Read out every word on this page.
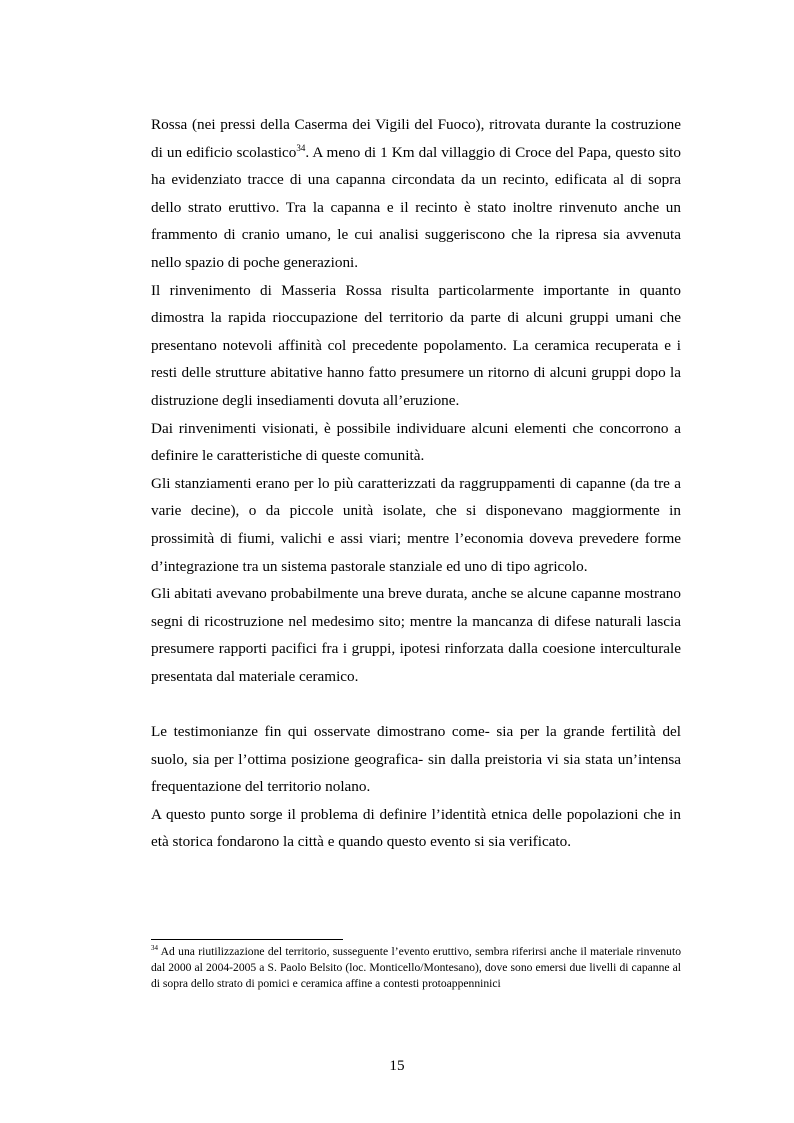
Rossa (nei pressi della Caserma dei Vigili del Fuoco), ritrovata durante la costruzione di un edificio scolastico$^{34}$. A meno di 1 Km dal villaggio di Croce del Papa, questo sito ha evidenziato tracce di una capanna circondata da un recinto, edificata al di sopra dello strato eruttivo. Tra la capanna e il recinto è stato inoltre rinvenuto anche un frammento di cranio umano, le cui analisi suggeriscono che la ripresa sia avvenuta nello spazio di poche generazioni.

Il rinvenimento di Masseria Rossa risulta particolarmente importante in quanto dimostra la rapida rioccupazione del territorio da parte di alcuni gruppi umani che presentano notevoli affinità col precedente popolamento. La ceramica recuperata e i resti delle strutture abitative hanno fatto presumere un ritorno di alcuni gruppi dopo la distruzione degli insediamenti dovuta all’eruzione.

Dai rinvenimenti visionati, è possibile individuare alcuni elementi che concorrono a definire le caratteristiche di queste comunità.

Gli stanziamenti erano per lo più caratterizzati da raggruppamenti di capanne (da tre a varie decine), o da piccole unità isolate, che si disponevano maggiormente in prossimità di fiumi, valichi e assi viari; mentre l’economia doveva prevedere forme d’integrazione tra un sistema pastorale stanziale ed uno di tipo agricolo.

Gli abitati avevano probabilmente una breve durata, anche se alcune capanne mostrano segni di ricostruzione nel medesimo sito; mentre la mancanza di difese naturali lascia presumere rapporti pacifici fra i gruppi, ipotesi rinforzata dalla coesione interculturale presentata dal materiale ceramico.

Le testimonianze fin qui osservate dimostrano come- sia per la grande fertilità del suolo, sia per l’ottima posizione geografica- sin dalla preistoria vi sia stata un’intensa frequentazione del territorio nolano.

A questo punto sorge il problema di definire l’identità etnica delle popolazioni che in età storica fondarono la città e quando questo evento si sia verificato.

$^{34}$ Ad una riutilizzazione del territorio, susseguente l’evento eruttivo, sembra riferirsi anche il materiale rinvenuto dal 2000 al 2004-2005 a S. Paolo Belsito (loc. Monticello/Montesano), dove sono emersi due livelli di capanne al di sopra dello strato di pomici e ceramica affine a contesti protoappenninici

15
